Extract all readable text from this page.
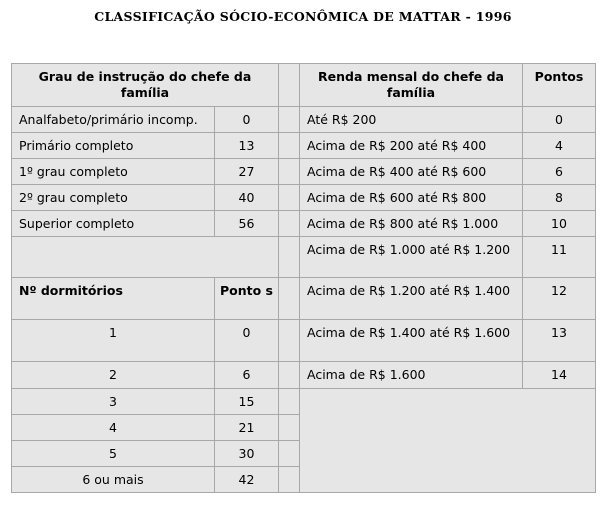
CLASSIFICAÇÃO SÓCIO-ECONÔMICA DE MATTAR - 1996
Grau de instrução do chefe da família			Renda mensal do chefe da família	Pontos
Analfabeto/primário incomp.	0		Até R$ 200	0
Primário completo	13		Acima de R$ 200 até R$ 400	4
1º grau completo	27		Acima de R$ 400 até R$ 600	6
2º grau completo	40		Acima de R$ 600 até R$ 800	8
Superior completo	56		Acima de R$ 800 até R$ 1.000	10
			Acima de R$ 1.000 até R$ 1.200	11
Nº dormitórios	Ponto s		Acima de R$ 1.200 até R$ 1.400	12
1	0		Acima de R$ 1.400 até R$ 1.600	13
2	6		Acima de R$ 1.600	14
3	15			
4	21			
5	30			
6 ou mais	42			
